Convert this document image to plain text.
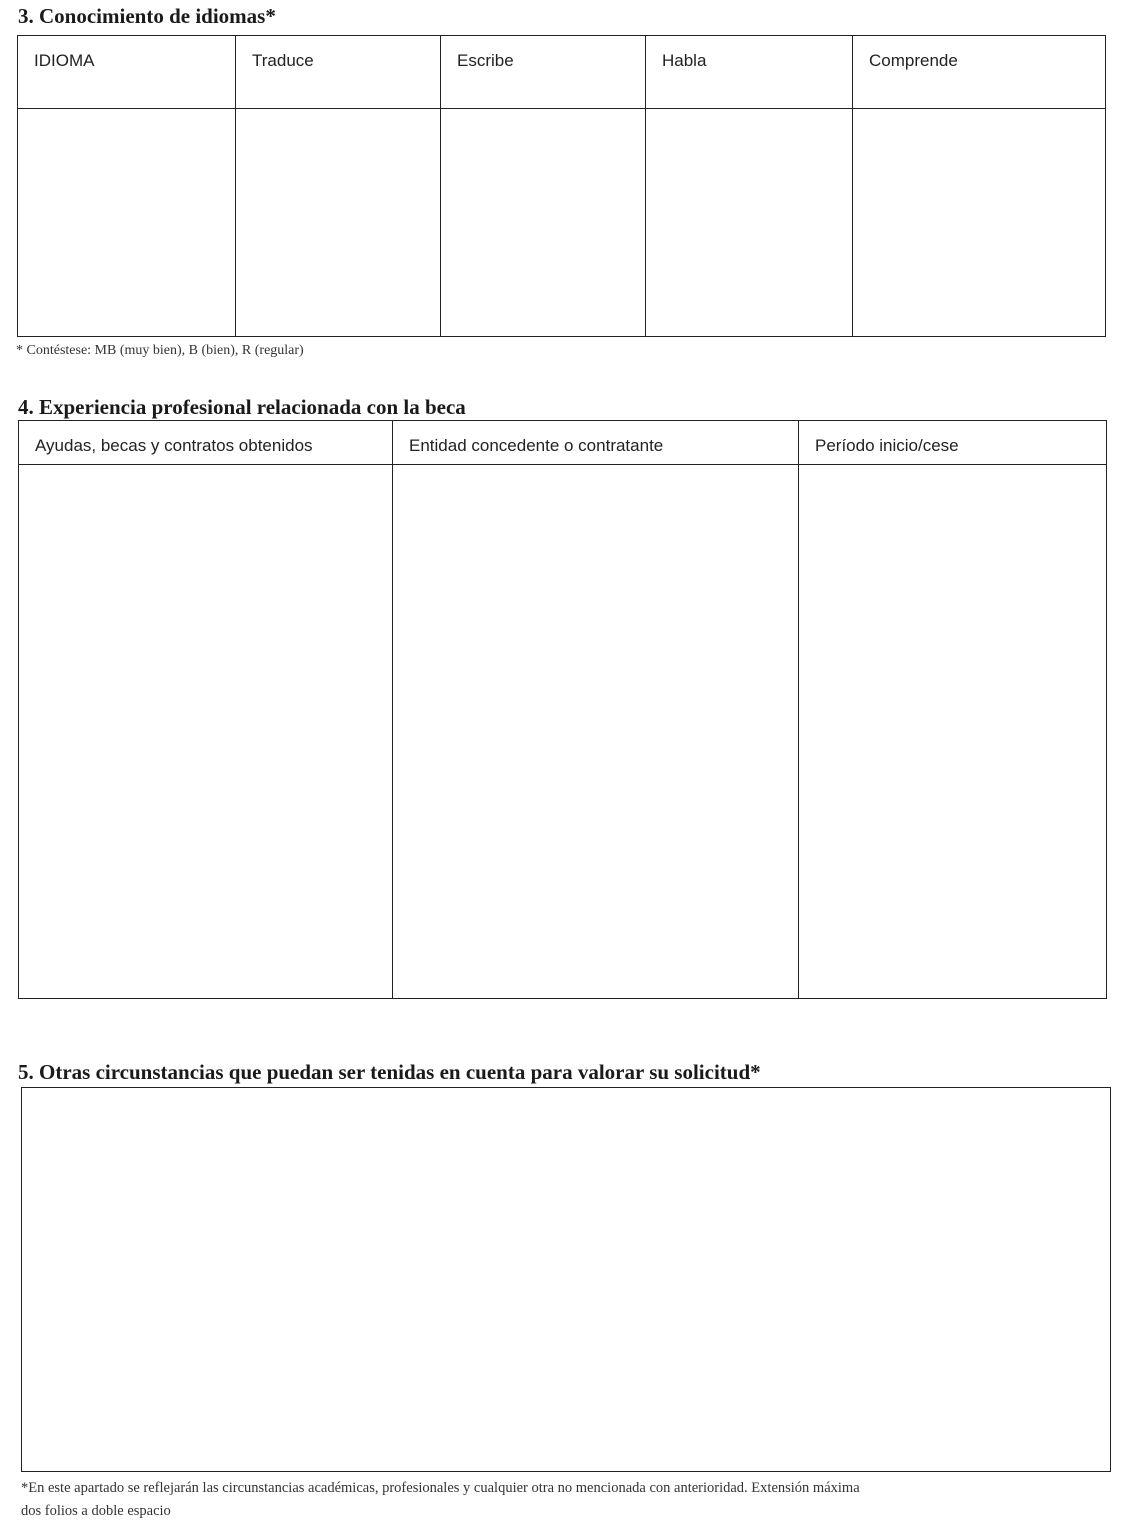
3. Conocimiento de idiomas*
IDIOMA	Traduce	Escribe	Habla	Comprende

* Contéstese: MB (muy bien), B (bien), R (regular)
4. Experiencia profesional relacionada con la beca
Ayudas, becas y contratos obtenidos	Entidad concedente o contratante	Período inicio/cese

5. Otras circunstancias que puedan ser tenidas en cuenta para valorar su solicitud*
*En este apartado se reflejarán las circunstancias académicas, profesionales y cualquier otra no mencionada con anterioridad. Extensión máxima
dos folios a doble espacio
